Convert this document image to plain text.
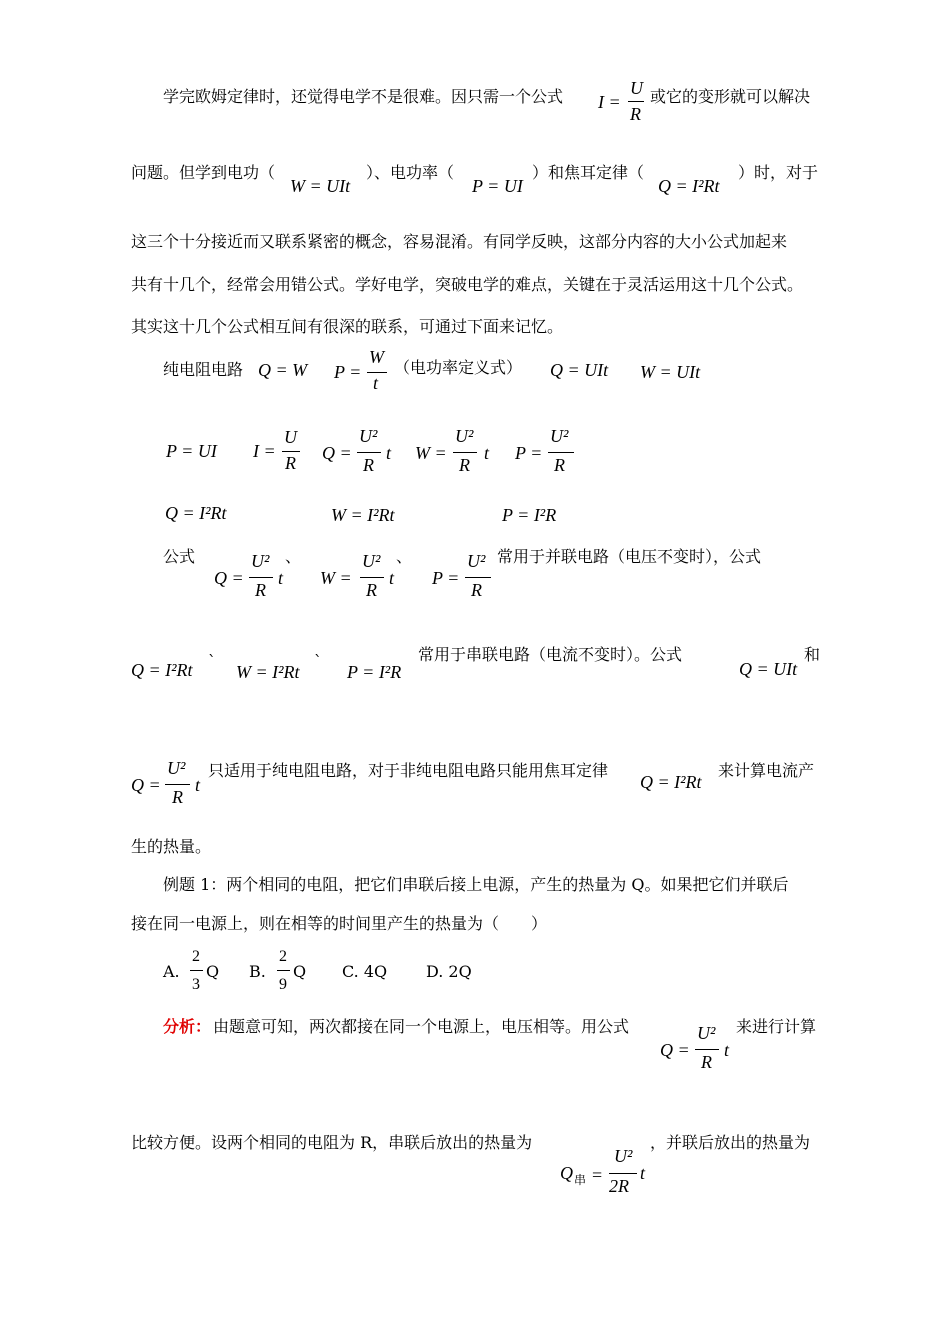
学完欧姆定律时，还觉得电学不是很难。因只需一个公式 I =
U
R
或它的变形就可以解决
问题。但学到电功（
W = UIt
）、电功率（
P = UI
）和焦耳定律（
Q = I²Rt
）时，对于
这三个十分接近而又联系紧密的概念，容易混淆。有同学反映，这部分内容的大小公式加起来
共有十几个，经常会用错公式。学好电学，突破电学的难点，关键在于灵活运用这十几个公式。
其实这十几个公式相互间有很深的联系，可通过下面来记忆。
纯电阻电路 Q = W P =
W
t
（电功率定义式） Q = UIt W = UIt
P = UI I =
U
R Q =
U²
R
t W =
U²
R
t P =
U²
R
Q = I²Rt	W = I²Rt	P = I²R
公式
Q =
U²
R
t
、
W =
U²
R
t
、
P =
U²
R
常用于并联电路（电压不变时），公式
Q = I²Rt `
W = I²Rt
`
P = I²R
常用于串联电路（电流不变时）。公式
Q = UIt
和
Q =
U²
R
t
只适用于纯电阻电路，对于非纯电阻电路只能用焦耳定律
Q = I²Rt
来计算电流产
生的热量。
例题 1：两个相同的电阻，把它们串联后接上电源，产生的热量为 Q。如果把它们并联后
接在同一电源上，则在相等的时间里产生的热量为（　　）
A.
2
3
Q B.
2
9
Q C. 4Q D. 2Q
分析： 由题意可知，两次都接在同一个电源上，电压相等。用公式
Q =
U²
R
t
来进行计算
比较方便。设两个相同的电阻为 R，串联后放出的热量为
Q 串 =
U²
2R
t
，并联后放出的热量为
